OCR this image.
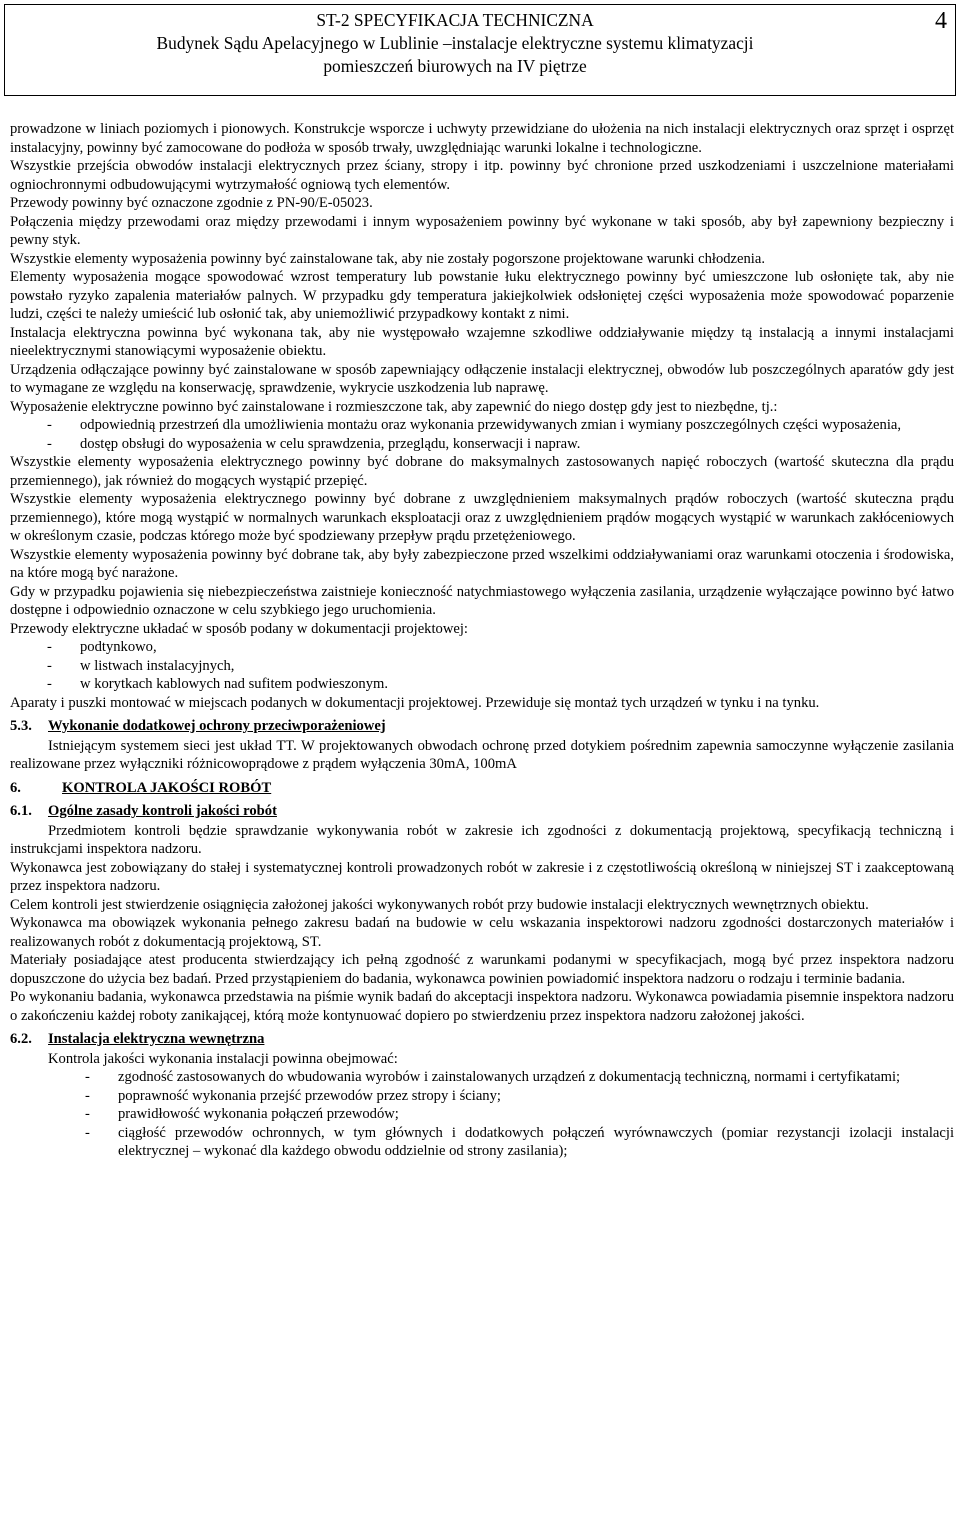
ST-2 SPECYFIKACJA TECHNICZNA
Budynek Sądu Apelacyjnego w Lublinie –instalacje elektryczne systemu klimatyzacji
pomieszczeń biurowych na IV piętrze
4

prowadzone w liniach poziomych i pionowych. Konstrukcje wsporcze i uchwyty przewidziane do ułożenia na nich instalacji elektrycznych oraz sprzęt i osprzęt instalacyjny, powinny być zamocowane do podłoża w sposób trwały, uwzględniając warunki lokalne i technologiczne.

Wszystkie przejścia obwodów instalacji elektrycznych przez ściany, stropy i itp. powinny być chronione przed uszkodzeniami i uszczelnione materiałami ogniochronnymi odbudowującymi wytrzymałość ogniową tych elementów.

Przewody powinny być oznaczone zgodnie z PN-90/E-05023.

Połączenia między przewodami oraz między przewodami i innym wyposażeniem powinny być wykonane w taki sposób, aby był zapewniony bezpieczny i pewny styk.

Wszystkie elementy wyposażenia powinny być zainstalowane tak, aby nie zostały pogorszone projektowane warunki chłodzenia.

Elementy wyposażenia mogące spowodować wzrost temperatury lub powstanie łuku elektrycznego powinny być umieszczone lub osłonięte tak, aby nie powstało ryzyko zapalenia materiałów palnych. W przypadku gdy temperatura jakiejkolwiek odsłoniętej części wyposażenia może spowodować poparzenie ludzi, części te należy umieścić lub osłonić tak, aby uniemożliwić przypadkowy kontakt z nimi.

Instalacja elektryczna powinna być wykonana tak, aby nie występowało wzajemne szkodliwe oddziaływanie między tą instalacją a innymi instalacjami nieelektrycznymi stanowiącymi wyposażenie obiektu.

Urządzenia odłączające powinny być zainstalowane w sposób zapewniający odłączenie instalacji elektrycznej, obwodów lub poszczególnych aparatów gdy jest to wymagane ze względu na konserwację, sprawdzenie, wykrycie uszkodzenia lub naprawę.

Wyposażenie elektryczne powinno być zainstalowane i rozmieszczone tak, aby zapewnić do niego dostęp gdy jest to niezbędne, tj.:

-	odpowiednią przestrzeń dla umożliwienia montażu oraz wykonania przewidywanych zmian i wymiany poszczególnych części wyposażenia,
-	dostęp obsługi do wyposażenia w celu sprawdzenia, przeglądu, konserwacji i napraw.

Wszystkie elementy wyposażenia elektrycznego powinny być dobrane do maksymalnych zastosowanych napięć roboczych (wartość skuteczna dla prądu przemiennego), jak również do mogących wystąpić przepięć.

Wszystkie elementy wyposażenia elektrycznego powinny być dobrane z uwzględnieniem maksymalnych prądów roboczych (wartość skuteczna prądu przemiennego), które mogą wystąpić w normalnych warunkach eksploatacji oraz z uwzględnieniem prądów mogących wystąpić w warunkach zakłóceniowych w określonym czasie, podczas którego może być spodziewany przepływ prądu przetężeniowego.

Wszystkie elementy wyposażenia powinny być dobrane tak, aby były zabezpieczone przed wszelkimi oddziaływaniami oraz warunkami otoczenia i środowiska, na które mogą być narażone.

Gdy w przypadku pojawienia się niebezpieczeństwa zaistnieje konieczność natychmiastowego wyłączenia zasilania, urządzenie wyłączające powinno być łatwo dostępne i odpowiednio oznaczone w celu szybkiego jego uruchomienia.

Przewody elektryczne układać w sposób podany w dokumentacji projektowej:

-	podtynkowo,
-	w listwach instalacyjnych,
-	w korytkach kablowych nad sufitem podwieszonym.

Aparaty i puszki montować w miejscach podanych w dokumentacji projektowej. Przewiduje się montaż tych urządzeń w tynku i na tynku.

5.3. Wykonanie dodatkowej ochrony przeciwporażeniowej

Istniejącym systemem sieci jest układ TT. W projektowanych obwodach ochronę przed dotykiem pośrednim zapewnia samoczynne wyłączenie zasilania realizowane przez wyłączniki różnicowoprądowe z prądem wyłączenia 30mA, 100mA

6.	KONTROLA JAKOŚCI ROBÓT

6.1. Ogólne zasady kontroli jakości robót

Przedmiotem kontroli będzie sprawdzanie wykonywania robót w zakresie ich zgodności z dokumentacją projektową, specyfikacją techniczną i instrukcjami inspektora nadzoru.

Wykonawca jest zobowiązany do stałej i systematycznej kontroli prowadzonych robót w zakresie i z częstotliwością określoną w niniejszej ST i zaakceptowaną przez inspektora nadzoru.

Celem kontroli jest stwierdzenie osiągnięcia założonej jakości wykonywanych robót przy budowie instalacji elektrycznych wewnętrznych obiektu.

Wykonawca ma obowiązek wykonania pełnego zakresu badań na budowie w celu wskazania inspektorowi nadzoru zgodności dostarczonych materiałów i realizowanych robót z dokumentacją projektową, ST.

Materiały posiadające atest producenta stwierdzający ich pełną zgodność z warunkami podanymi w specyfikacjach, mogą być przez inspektora nadzoru dopuszczone do użycia bez badań. Przed przystąpieniem do badania, wykonawca powinien powiadomić inspektora nadzoru o rodzaju i terminie badania.

Po wykonaniu badania, wykonawca przedstawia na piśmie wynik badań do akceptacji inspektora nadzoru. Wykonawca powiadamia pisemnie inspektora nadzoru o zakończeniu każdej roboty zanikającej, którą może kontynuować dopiero po stwierdzeniu przez inspektora nadzoru założonej jakości.

6.2. Instalacja elektryczna wewnętrzna

Kontrola jakości wykonania instalacji powinna obejmować:

-	zgodność zastosowanych do wbudowania wyrobów i zainstalowanych urządzeń z dokumentacją techniczną, normami i certyfikatami;
-	poprawność wykonania przejść przewodów przez stropy i ściany;
-	prawidłowość wykonania połączeń przewodów;
-	ciągłość przewodów ochronnych, w tym głównych i dodatkowych połączeń wyrównawczych (pomiar rezystancji izolacji instalacji elektrycznej – wykonać dla każdego obwodu oddzielnie od strony zasilania);
